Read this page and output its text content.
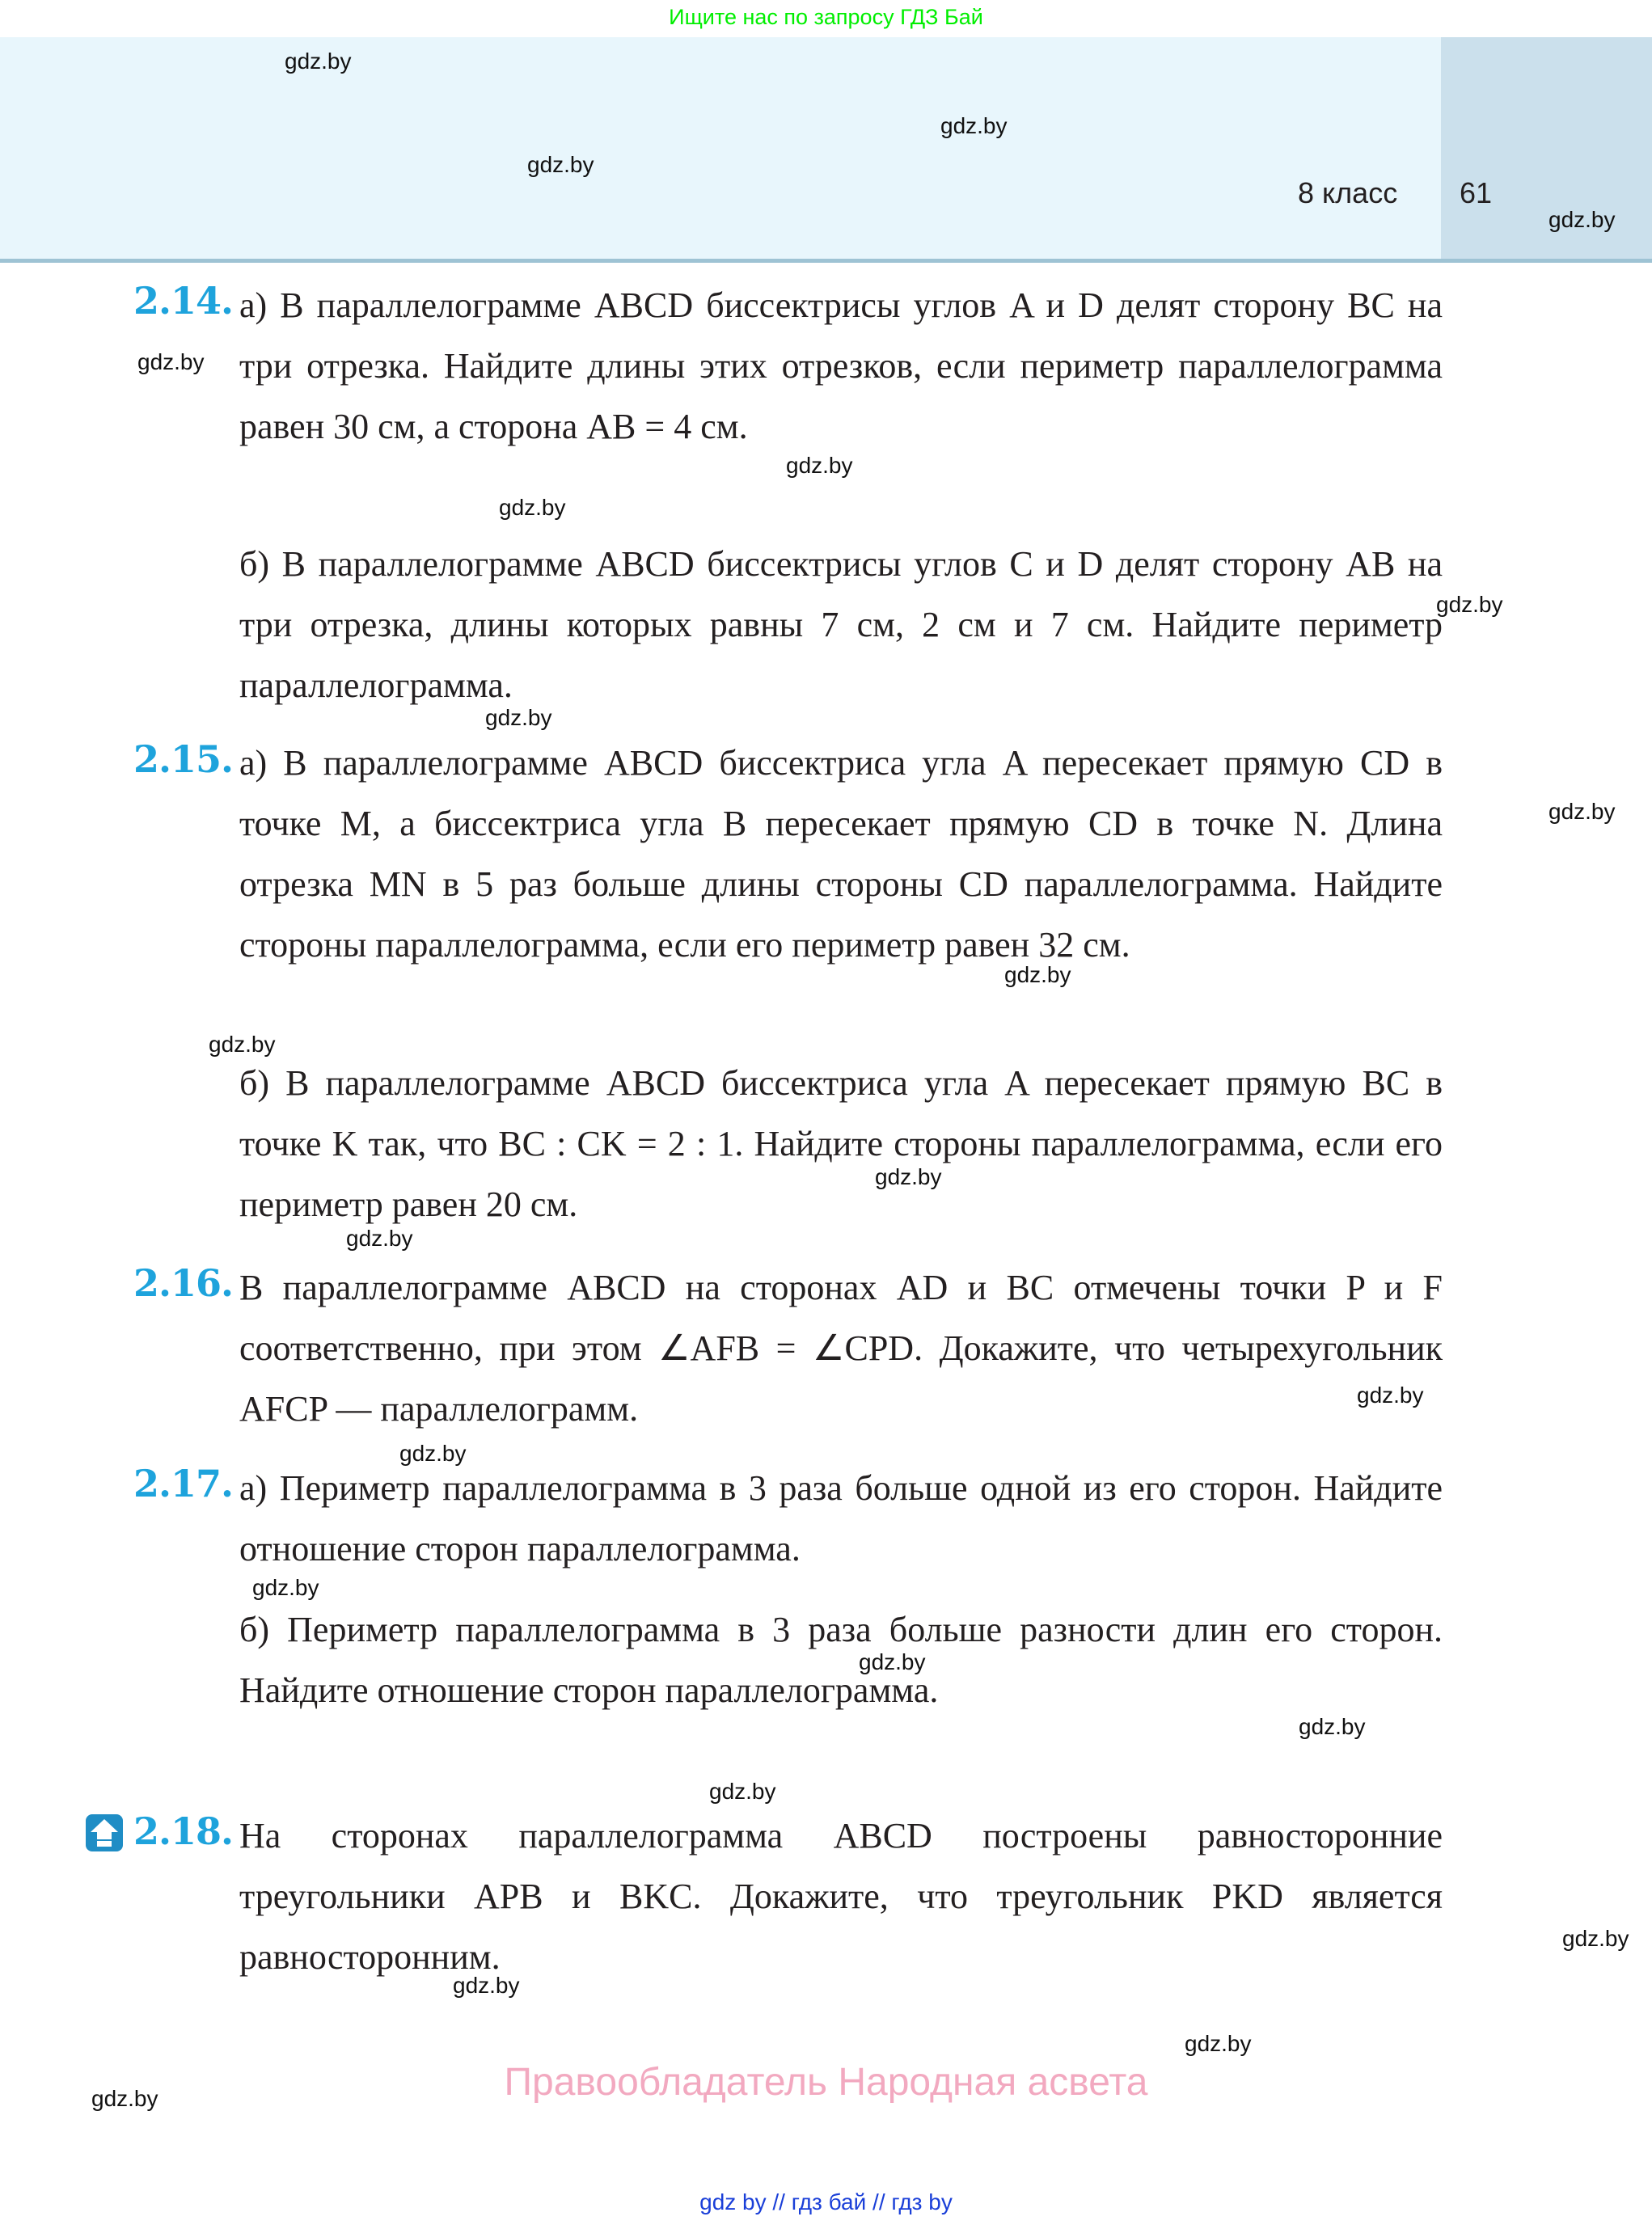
Ищите нас по запросу ГДЗ Бай
8 класс 61
gdz.by
gdz.by
gdz.by
gdz.by
gdz.by
gdz.by
gdz.by
gdz.by
gdz.by
gdz.by
gdz.by
gdz.by
gdz.by
gdz.by
gdz.by
gdz.by
gdz.by
gdz.by
gdz.by
gdz.by
gdz.by
gdz.by
gdz.by
gdz.by
2.14. а) В параллелограмме ABCD биссектрисы углов A и D делят сторону BC на три отрезка. Найдите длины этих отрезков, если периметр параллелограмма равен 30 см, а сторона AB = 4 см.
б) В параллелограмме ABCD биссектрисы углов C и D делят сторону AB на три отрезка, длины которых равны 7 см, 2 см и 7 см. Найдите периметр параллелограмма.
2.15. а) В параллелограмме ABCD биссектриса угла A пересекает прямую CD в точке M, а биссектриса угла B пересекает прямую CD в точке N. Длина отрезка MN в 5 раз больше длины стороны CD параллелограмма. Найдите стороны параллелограмма, если его периметр равен 32 см.
б) В параллелограмме ABCD биссектриса угла A пересекает прямую BC в точке K так, что BC : CK = 2 : 1. Найдите стороны параллелограмма, если его периметр равен 20 см.
2.16. В параллелограмме ABCD на сторонах AD и BC отмечены точки P и F соответственно, при этом ∠AFB = ∠CPD. Докажите, что четырехугольник AFCP — параллелограмм.
2.17. а) Периметр параллелограмма в 3 раза больше одной из его сторон. Найдите отношение сторон параллелограмма.
б) Периметр параллелограмма в 3 раза больше разности длин его сторон. Найдите отношение сторон параллелограмма.
2.18. На сторонах параллелограмма ABCD построены равносторонние треугольники APB и BKC. Докажите, что треугольник PKD является равносторонним.
Правообладатель Народная асвета
gdz by // гдз бай // гдз by
